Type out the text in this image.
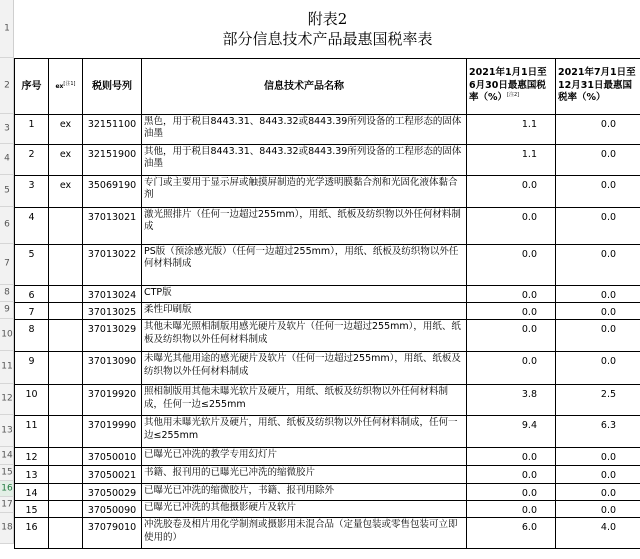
附表2
部分信息技术产品最惠国税率表					

序号	ex[注1]	税则号列	信息技术产品名称	2021年1月1日至6月30日最惠国税率（%）[注2]	2021年7月1日至12月31日最惠国税率（%）
1	ex	32151100	黑色，用于税目8443.31、8443.32或8443.39所列设备的工程形态的固体油墨	1.1	0.0
2	ex	32151900	其他，用于税目8443.31、8443.32或8443.39所列设备的工程形态的固体油墨	1.1	0.0
3	ex	35069190	专门或主要用于显示屏或触摸屏制造的光学透明膜黏合剂和光固化液体黏合剂	0.0	0.0
4		37013021	激光照排片（任何一边超过255mm），用纸、纸板及纺织物以外任何材料制成	0.0	0.0
5		37013022	PS版（预涂感光版）（任何一边超过255mm），用纸、纸板及纺织物以外任何材料制成	0.0	0.0
6		37013024	CTP版	0.0	0.0
7		37013025	柔性印刷版	0.0	0.0
8		37013029	其他未曝光照相制版用感光硬片及软片（任何一边超过255mm），用纸、纸板及纺织物以外任何材料制成	0.0	0.0
9		37013090	未曝光其他用途的感光硬片及软片（任何一边超过255mm），用纸、纸板及纺织物以外任何材料制成	0.0	0.0
10		37019920	照相制版用其他未曝光软片及硬片，用纸、纸板及纺织物以外任何材料制成，任何一边≤255mm	3.8	2.5
11		37019990	其他用未曝光软片及硬片，用纸、纸板及纺织物以外任何材料制成，任何一边≤255mm	9.4	6.3
12		37050010	已曝光已冲洗的教学专用幻灯片	0.0	0.0
13		37050021	书籍、报刊用的已曝光已冲洗的缩微胶片	0.0	0.0
14		37050029	已曝光已冲洗的缩微胶片，书籍、报刊用除外	0.0	0.0
15		37050090	已曝光已冲洗的其他摄影硬片及软片	0.0	0.0
16		37079010	冲洗胶卷及相片用化学制剂或摄影用未混合品（定量包装或零售包装可立即使用的）	6.0	4.0
1
2
3
4
5
6
7
8
9
10
11
12
13
14
15
16
17
18
